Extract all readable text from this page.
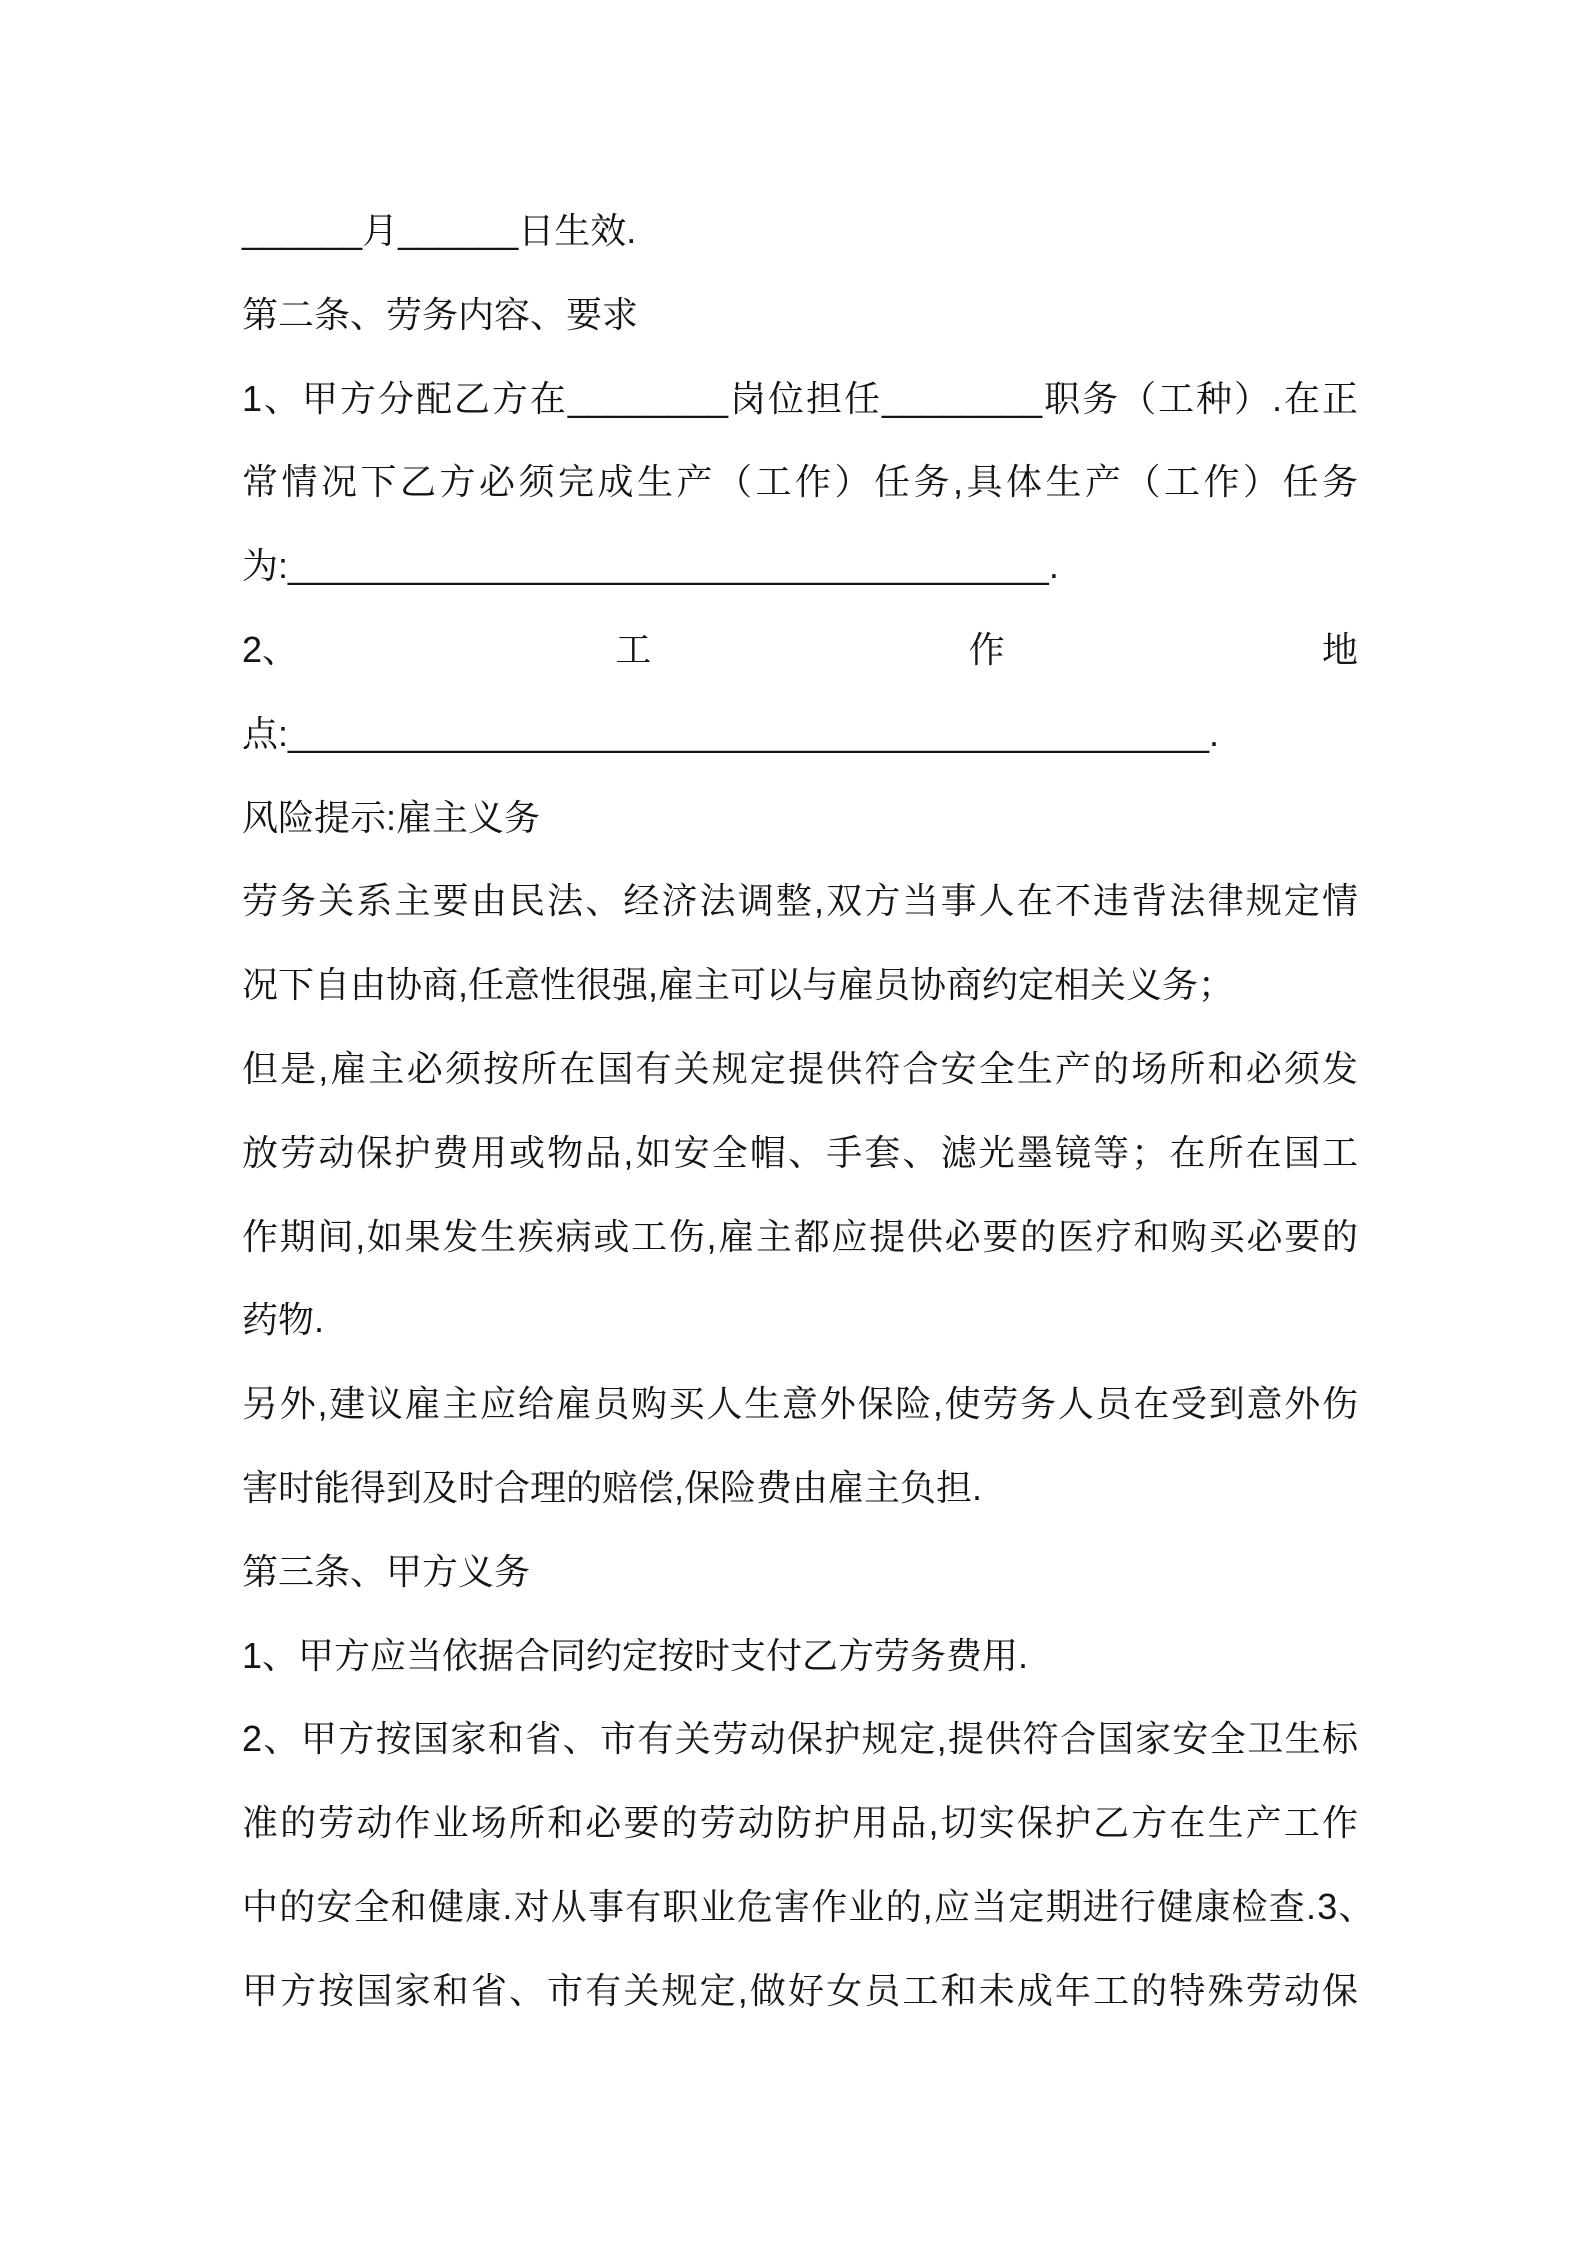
______月______日生效.
第二条、劳务内容、要求
1、甲方分配乙方在________岗位担任________职务（工种）.在正
常情况下乙方必须完成生产（工作）任务,具体生产（工作）任务
为:______________________________________.
2、	工	作	地
点:______________________________________________.
风险提示:雇主义务
劳务关系主要由民法、经济法调整,双方当事人在不违背法律规定情
况下自由协商,任意性很强,雇主可以与雇员协商约定相关义务；
但是,雇主必须按所在国有关规定提供符合安全生产的场所和必须发
放劳动保护费用或物品,如安全帽、手套、滤光墨镜等；在所在国工
作期间,如果发生疾病或工伤,雇主都应提供必要的医疗和购买必要的
药物.
另外,建议雇主应给雇员购买人生意外保险,使劳务人员在受到意外伤
害时能得到及时合理的赔偿,保险费由雇主负担.
第三条、甲方义务
1、甲方应当依据合同约定按时支付乙方劳务费用.
2、甲方按国家和省、市有关劳动保护规定,提供符合国家安全卫生标
准的劳动作业场所和必要的劳动防护用品,切实保护乙方在生产工作
中的安全和健康.对从事有职业危害作业的,应当定期进行健康检查.3、
甲方按国家和省、市有关规定,做好女员工和未成年工的特殊劳动保
